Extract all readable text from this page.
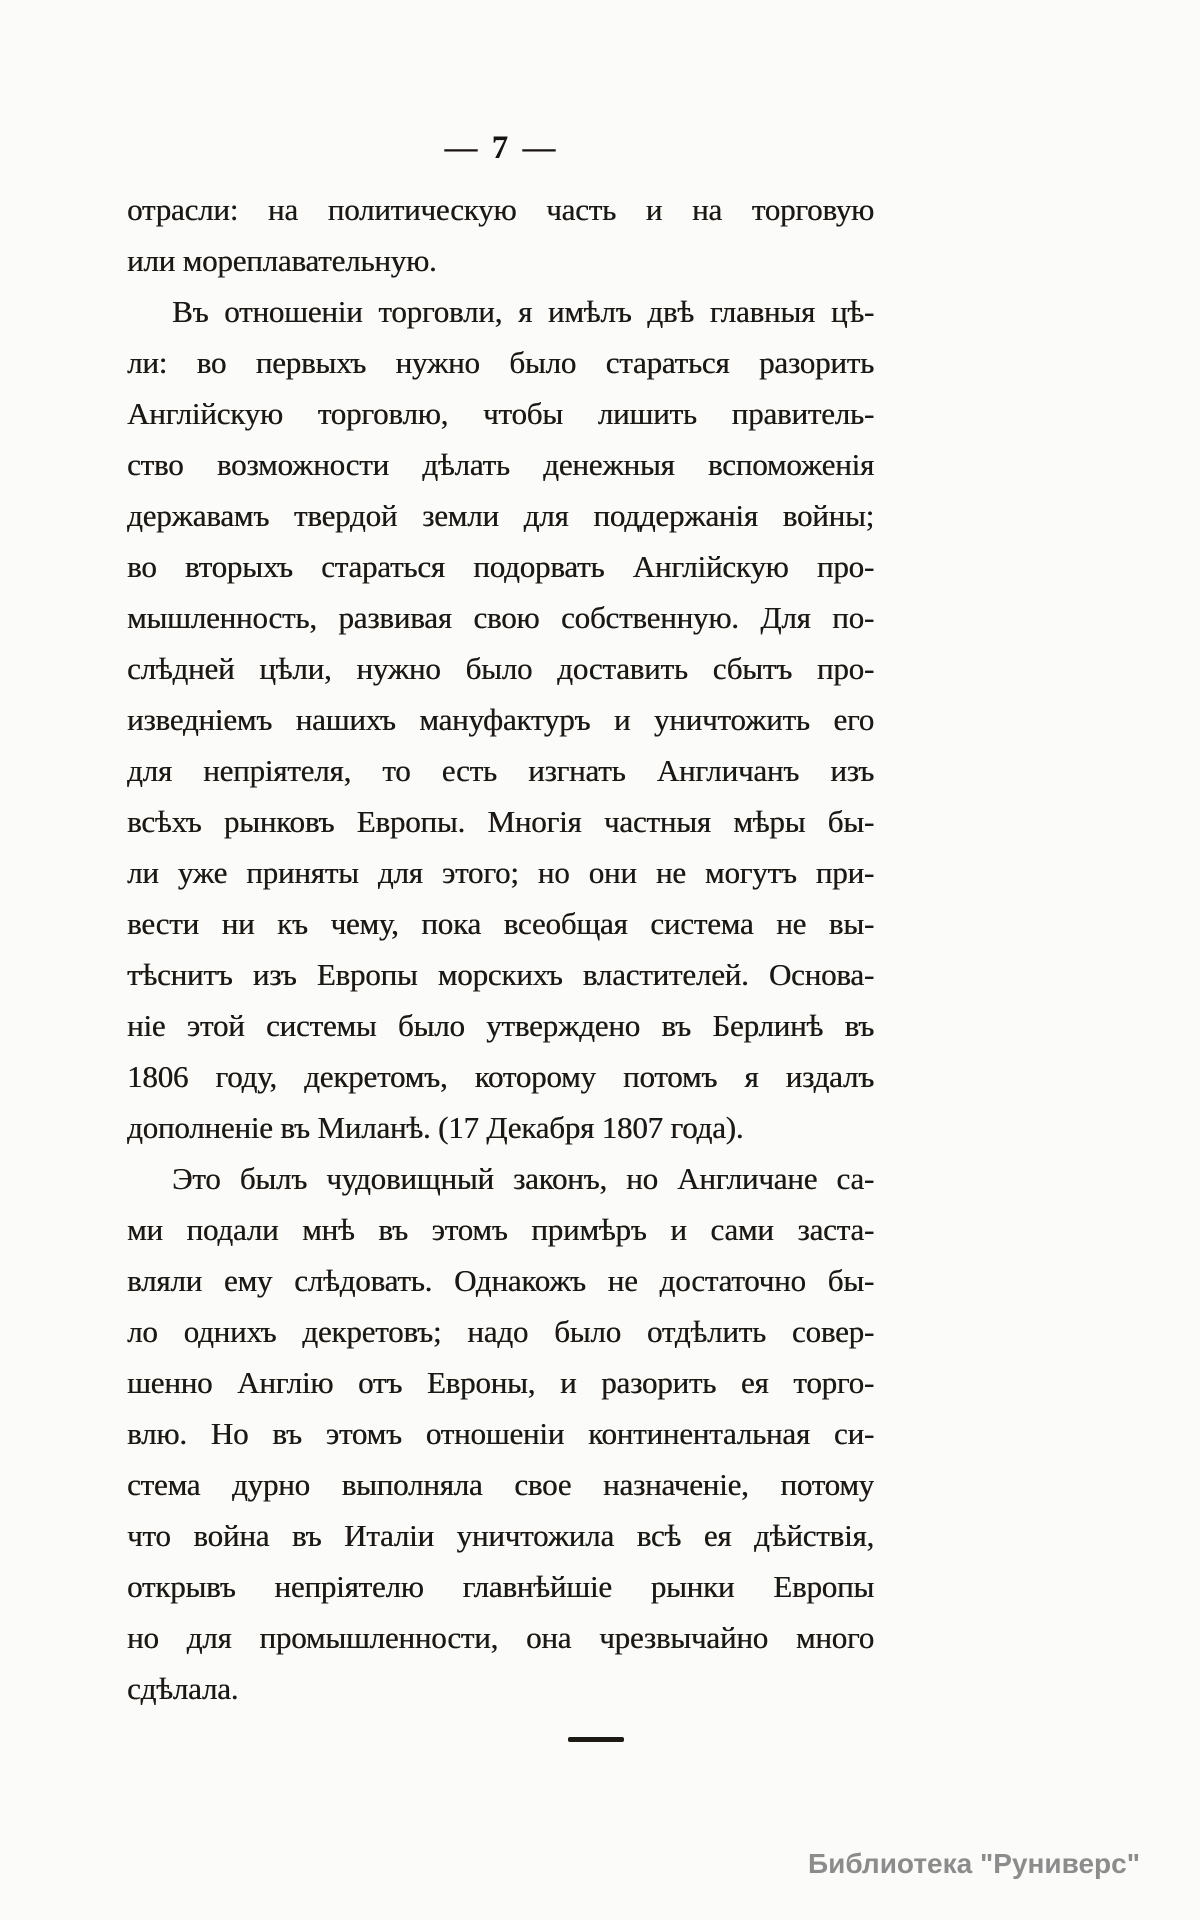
— 7 —
отрасли: на политическую часть и на торговую
или мореплавательную.
Въ отношеніи торговли, я имѣлъ двѣ главныя цѣ-
ли: во первыхъ нужно было стараться разорить
Англійскую торговлю, чтобы лишить правитель-
ство возможности дѣлать денежныя вспоможенія
державамъ твердой земли для поддержанія войны;
во вторыхъ стараться подорвать Англійскую про-
мышленность, развивая свою собственную. Для по-
слѣдней цѣли, нужно было доставить сбытъ про-
изведніемъ нашихъ мануфактуръ и уничтожить его
для непріятеля, то есть изгнать Англичанъ изъ
всѣхъ рынковъ Европы. Многія частныя мѣры бы-
ли уже приняты для этого; но они не могутъ при-
вести ни къ чему, пока всеобщая система не вы-
тѣснитъ изъ Европы морскихъ властителей. Основа-
ніе этой системы было утверждено въ Берлинѣ въ
1806 году, декретомъ, которому потомъ я издалъ
дополненіе въ Миланѣ. (17 Декабря 1807 года).
Это былъ чудовищный законъ, но Англичане са-
ми подали мнѣ въ этомъ примѣръ и сами заста-
вляли ему слѣдовать. Однакожъ не достаточно бы-
ло однихъ декретовъ; надо было отдѣлить совер-
шенно Англію отъ Евроны, и разорить ея торго-
влю. Но въ этомъ отношеніи континентальная си-
стема дурно выполняла свое назначеніе, потому
что война въ Италіи уничтожила всѣ ея дѣйствія,
открывъ непріятелю главнѣйшіе рынки Европы
но для промышленности, она чрезвычайно много
сдѣлала.
Библиотека "Руниверс"
